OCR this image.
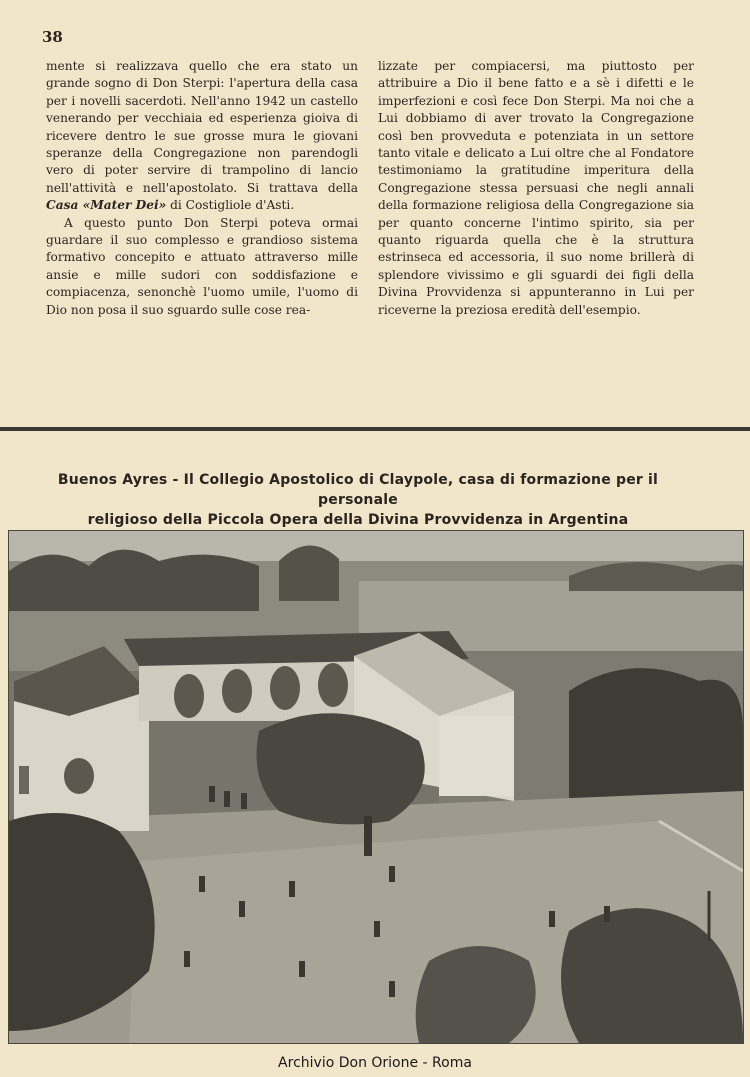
38

mente si realizzava quello che era stato un grande sogno di Don Sterpi: l'apertura della casa per i novelli sacerdoti. Nell'anno 1942 un castello venerando per vecchiaia ed esperienza gioiva di ricevere dentro le sue grosse mura le giovani speranze della Congregazione non parendogli vero di poter servire di trampolino di lancio nell'attività e nell'apostolato. Si trattava della Casa «Mater Dei» di Costigliole d'Asti.

A questo punto Don Sterpi poteva ormai guardare il suo complesso e grandioso sistema formativo concepito e attuato attraverso mille ansie e mille sudori con soddisfazione e compiacenza, senonchè l'uomo umile, l'uomo di Dio non posa il suo sguardo sulle cose rea-

lizzate per compiacersi, ma piuttosto per attribuire a Dio il bene fatto e a sè i difetti e le imperfezioni e così fece Don Sterpi. Ma noi che a Lui dobbiamo di aver trovato la Congregazione così ben provveduta e potenziata in un settore tanto vitale e delicato a Lui oltre che al Fondatore testimoniamo la gratitudine imperitura della Congregazione stessa persuasi che negli annali della formazione religiosa della Congregazione sia per quanto concerne l'intimo spirito, sia per quanto riguarda quella che è la struttura estrinseca ed accessoria, il suo nome brillerà di splendore vivissimo e gli sguardi dei figli della Divina Provvidenza si appunteranno in Lui per riceverne la preziosa eredità dell'esempio.

Buenos Ayres - Il Collegio Apostolico di Claypole, casa di formazione per il personale
religioso della Piccola Opera della Divina Provvidenza in Argentina
Archivio Don Orione - Roma
